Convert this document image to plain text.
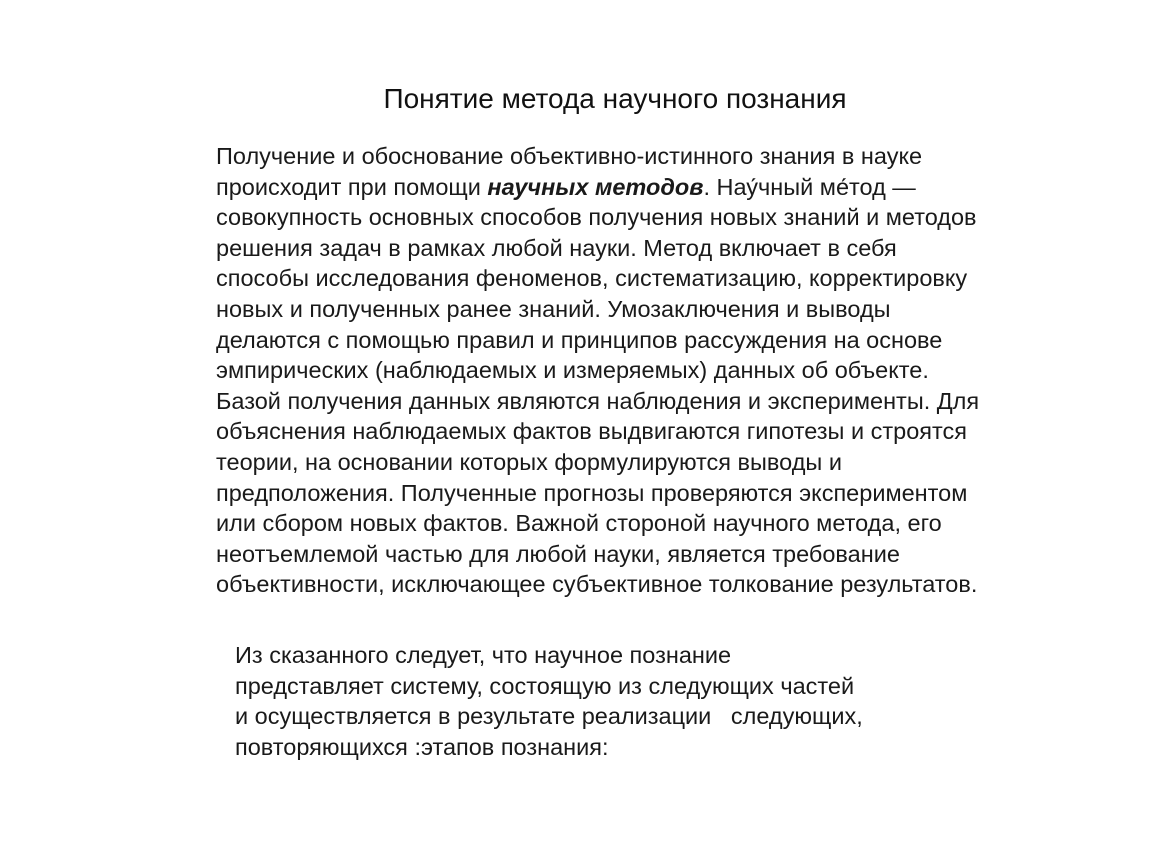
Понятие метода научного познания

Получение и обоснование объективно-истинного знания в науке
происходит при помощи научных методов. Нау́чный ме́тод —
совокупность основных способов получения новых знаний и методов
решения задач в рамках любой науки. Метод включает в себя
способы исследования феноменов, систематизацию, корректировку
новых и полученных ранее знаний. Умозаключения и выводы
делаются с помощью правил и принципов рассуждения на основе
эмпирических (наблюдаемых и измеряемых) данных об объекте.
Базой получения данных являются наблюдения и эксперименты. Для
объяснения наблюдаемых фактов выдвигаются гипотезы и строятся
теории, на основании которых формулируются выводы и
предположения. Полученные прогнозы проверяются экспериментом
или сбором новых фактов. Важной стороной научного метода, его
неотъемлемой частью для любой науки, является требование
объективности, исключающее субъективное толкование результатов.

Из сказанного следует, что научное познание
представляет систему, состоящую из следующих частей
и осуществляется в результате реализации   следующих,
повторяющихся :этапов познания:
